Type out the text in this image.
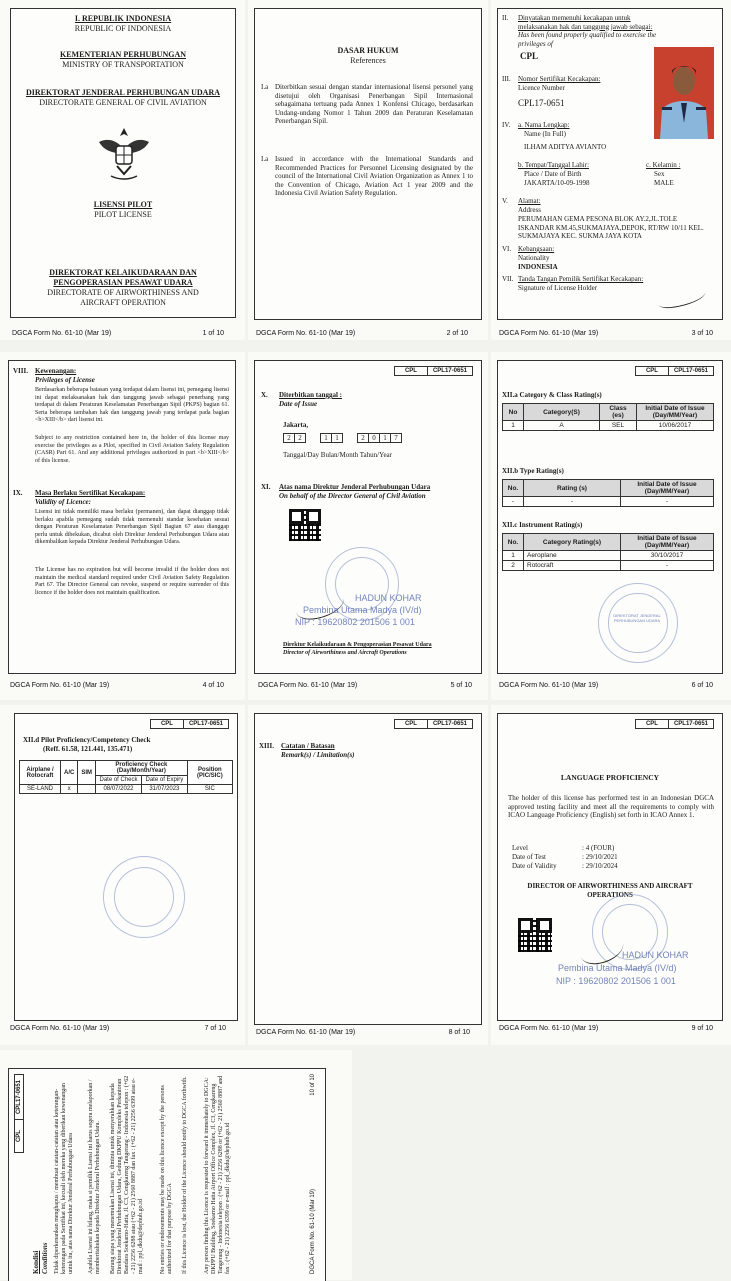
I. REPUBLIK INDONESIA
REPUBLIC OF INDONESIA
KEMENTERIAN PERHUBUNGAN
MINISTRY OF TRANSPORTATION
DIREKTORAT JENDERAL PERHUBUNGAN UDARA
DIRECTORATE GENERAL OF CIVIL AVIATION
LISENSI PILOT
PILOT LICENSE
DIREKTORAT KELAIKUDARAAN DAN
PENGOPERASIAN PESAWAT UDARA
DIRECTORATE OF AIRWORTHINESS AND
AIRCRAFT OPERATION
DGCA Form No. 61-10 (Mar 19)	1 of 10
DASAR HUKUM
References
I.a Diterbitkan sesuai dengan standar internasional lisensi personel yang disetujui oleh Organisasi Penerbangan Sipil Internasional sebagaimana tertuang pada Annex 1 Konfensi Chicago, berdasarkan Undang-undang Nomor 1 Tahun 2009 dan Peraturan Keselamatan Penerbangan Sipil.
I.a Issued in accordance with the International Standards and Recommended Practices for Personnel Licensing designated by the council of the International Civil Aviation Organization as Annex 1 to the Convention of Chicago, Aviation Act 1 year 2009 and the Indonesia Civil Aviation Safety Regulation.
DGCA Form No. 61-10 (Mar 19)	2 of 10
II. Dinyatakan memenuhi kecakapan untuk melaksanakan hak dan tanggung jawab sebagai:
Has been found properly qualified to exercise the privileges of
CPL
III. Nomor Sertifikat Kecakapan:
Licence Number
CPL17-0651
IV. a. Nama Lengkap:
Name (In Full)
ILHAM ADITYA AVIANTO
b. Tempat/Tanggal Lahir:
Place / Date of Birth
JAKARTA/10-09-1998
c. Kelamin :
Sex
MALE
V. Alamat:
Address
PERUMAHAN GEMA PESONA BLOK AY.2,JL.TOLE ISKANDAR KM.45,SUKMAJAYA,DEPOK, RT/RW 10/11 KEL. SUKMAJAYA KEC. SUKMA JAYA KOTA
VI. Kebangsaan:
Nationality
INDONESIA
VII. Tanda Tangan Pemilik Sertifikat Kecakapan:
Signature of License Holder
DGCA Form No. 61-10 (Mar 19)	3 of 10
VIII. Kewenangan:
Privileges of License
Berdasarkan beberapa batasan yang terdapat dalam lisensi ini, pemegang lisensi ini dapat melaksanakan hak dan tanggung jawab sebagai penerbang yang terdapat di dalam Peraturan Keselamatan Penerbangan Sipil (PKPS) bagian 61. Serta beberapa tambahan hak dan tanggung jawab yang terdapat pada bagian <b>XIII</b> dari lisensi ini.
Subject to any restriction contained here in, the holder of this license may exercise the privileges as a Pilot, specified in Civil Aviation Safety Regulation (CASR) Part 61. And any additional privileges authorized in part <b>XIII</b> of this license.
IX. Masa Berlaku Sertifikat Kecakapan:
Validity of Licence:
Lisensi ini tidak memiliki masa berlaku (permanen), dan dapat dianggap tidak berlaku apabila pemegang sudah tidak memenuhi standar kesehatan sesuai dengan Peraturan Keselamatan Penerbangan Sipil Bagian 67 atau dianggap perlu untuk dibekukan, dicabut oleh Direktur Jenderal Perhubungan Udara atau dikembalikan kepada Direktur Jenderal Perhubungan Udara.
The License has no expiration but will become invalid if the holder does not maintain the medical standard required under Civil Aviation Safety Regulation Part 67. The Director General can revoke, suspend or require surrender of this licence if the holder does not maintain qualification.
DGCA Form No. 61-10 (Mar 19)	4 of 10
CPL	CPL17-0651
X. Diterbitkan tanggal :
Date of Issue
Jakarta,
2	2	1	1	2	0	1	7
Tanggal/Day Bulan/Month Tahun/Year
XI. Atas nama Direktur Jenderal Perhubungan Udara
On behalf of the Director General of Civil Aviation
HADUN KOHAR
Pembina Utama Madya (IV/d)
NIP : 19620802 201506 1 001
Direktur Kelaikudaraan & Pengoperasian Pesawat Udara
Director of Airworthiness and Aircraft Operations
DGCA Form No. 61-10 (Mar 19)	5 of 10
CPL	CPL17-0651
XII.a Category & Class Rating(s)
No	Category(S)	Class (es)	Initial Date of Issue (Day/MM/Year)
1	A	SEL	10/06/2017
XII.b Type Rating(s)
No.	Rating (s)	Initial Date of Issue (Day/MM/Year)
-	-	-
XII.c Instrument Rating(s)
No.	Category Rating(s)	Initial Date of Issue (Day/MM/Year)
1	Aeroplane	30/10/2017
2	Rotocraft	-
DIREKTORAT JENDERAL PERHUBUNGAN UDARA
DGCA Form No. 61-10 (Mar 19)	6 of 10
CPL	CPL17-0651
XII.d Pilot Proficiency/Competency Check
(Reff. 61.58, 121.441, 135.471)
Airplane / Rotocraft	A/C	SIM	Proficiency Check (Day/Month/Year)		Position (PIC/SIC)
			Date of Check	Date of Expiry	
SE-LAND	x		08/07/2022	31/07/2023	SIC
DGCA Form No. 61-10 (Mar 19)	7 of 10
CPL	CPL17-0651
XIII. Catatan / Batasan
Remark(s) / Limitation(s)
DGCA Form No. 61-10 (Mar 19)	8 of 10
CPL	CPL17-0651
LANGUAGE PROFICIENCY
The holder of this license has performed test in an Indonesian DGCA approved testing facility and meet all the requirements to comply with ICAO Language Proficiency (English) set forth in ICAO Annex 1.
Level	: 4 (FOUR)
Date of Test	: 29/10/2021
Date of Validity	: 29/10/2024
DIRECTOR OF AIRWORTHINESS AND AIRCRAFT OPERATIONS
HADUN KOHAR
Pembina Utama Madya (IV/d)
NIP : 19620802 201506 1 001
DGCA Form No. 61-10 (Mar 19)	9 of 10
CPL
CPL17-0651
Kondisi Conditions Tidak diperkenankan menghapus / membuat catatan-catatan atau keterangan-keterangan pada Sertifikat ini, kecuali oleh mereka yang diberikan kewenangan untuk itu, atas nama Direktur Jenderal Perhubungan Udara Apabila Lisensi ini hilang, maka si pemilik Lisensi ini harus segera melaporkan / memberitahukan kepada Direktur Jenderal Perhubungan Udara. Barang siapa yang menemukan Lisensi ini, diminta untuk menyerahkan kepada Direktorat Jenderal Perhubungan Udara, Gedung DKPPU Kompleks Perkantoran Bandara Soekarno-Hatta, Jl. C3, Cengkareng Tangerang - Indonesia telepon : (+62 - 21) 2256 6288 atau (+62 - 21) 2560 8887 dan fax : (+62 - 21) 2256 6399 atau e-mail : ppl_dkdu@dephub.go.id	No entries or endorsements may be made on this licence except by the persons authorized for that purpose by DGCA If this Licence is lost, the Holder of the Licence should notify to DGCA forthwith.	Any person finding this Licence is requested to forward it immediately to DGCA: DKPPU Building, Soekarno Hatta Airport Office Complex, Jl. C3, Cengkareng Tangerang - Indonesia telepon : (+62 - 21) 2256 6288 or (+62 - 21) 2560 8887 and fax : (+62 - 21) 2256 6399 or e-mail : ppl_dkdu@dephub.go.id	DGCA Form No. 61-10 (Mar 19)
10 of 10
